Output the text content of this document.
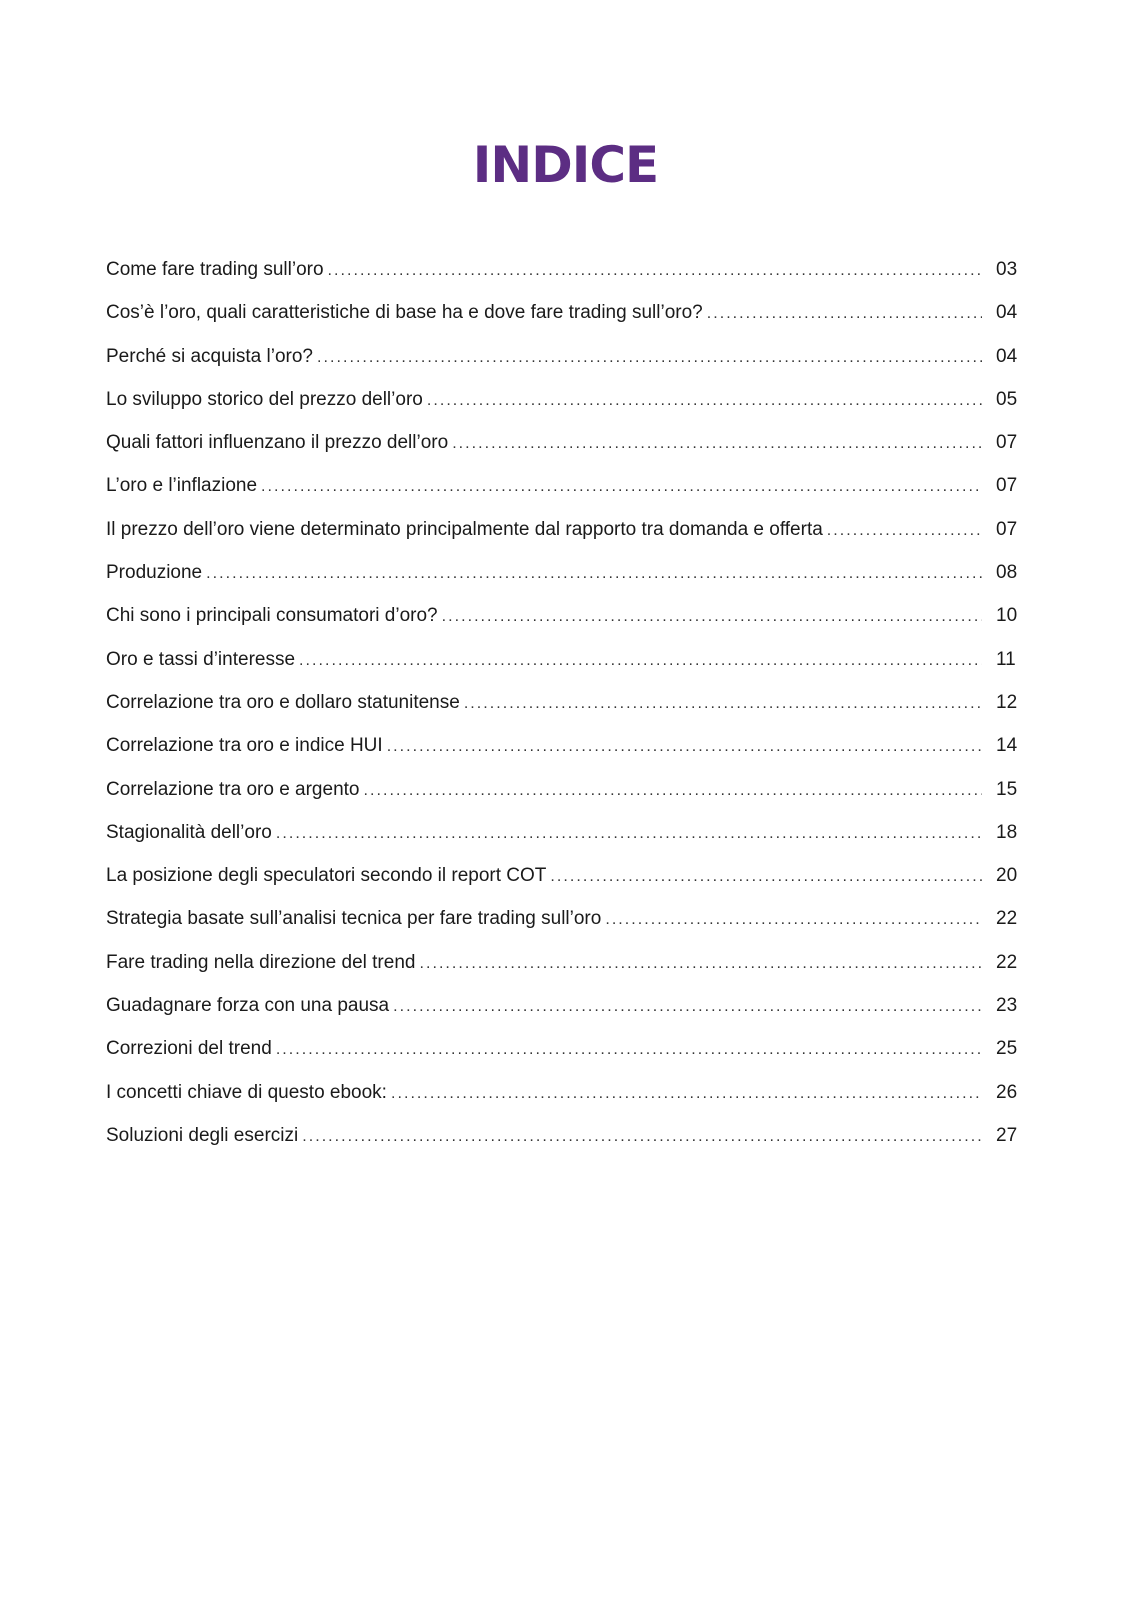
INDICE
Come fare trading sull’oro . . .	03
Cos’è l’oro, quali caratteristiche di base ha e dove fare trading sull’oro? . . .	04
Perché si acquista l’oro? . . .	04
Lo sviluppo storico del prezzo dell’oro . . .	05
Quali fattori influenzano il prezzo dell’oro . . .	07
L’oro e l’inflazione . . .	07
Il prezzo dell’oro viene determinato principalmente dal rapporto tra domanda e offerta . . .	07
Produzione . . .	08
Chi sono i principali consumatori d’oro? . . .	10
Oro e tassi d’interesse . . .	11
Correlazione tra oro e dollaro statunitense . . .	12
Correlazione tra oro e indice HUI . . .	14
Correlazione tra oro e argento . . .	15
Stagionalità dell’oro . . .	18
La posizione degli speculatori secondo il report COT . . .	20
Strategia basate sull’analisi tecnica per fare trading sull’oro . . .	22
Fare trading nella direzione del trend . . .	22
Guadagnare forza con una pausa . . .	23
Correzioni del trend . . .	25
I concetti chiave di questo ebook: . . .	26
Soluzioni degli esercizi . . .	27
